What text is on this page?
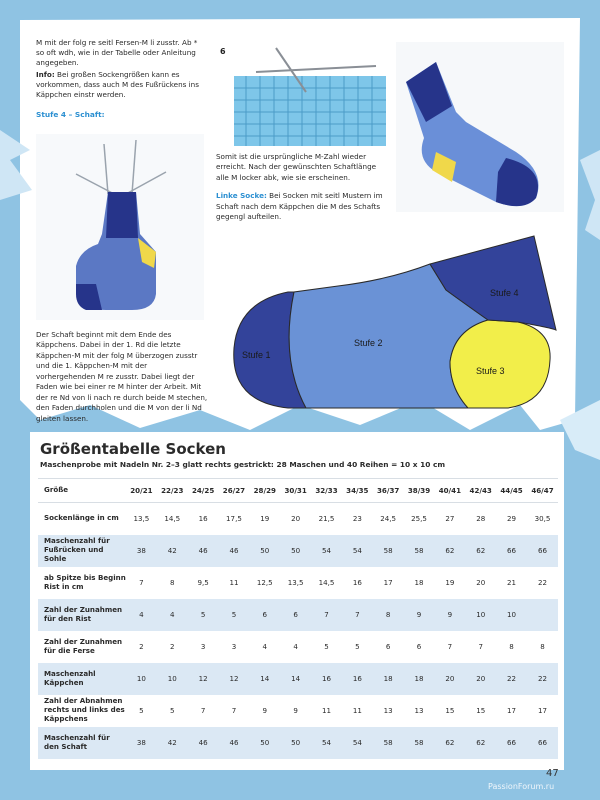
M mit der folg re seitl Fersen-M li zusstr. Ab * so oft wdh, wie in der Tabelle oder Anleitung angegeben.

Info: Bei großen Sockengrößen kann es vorkommen, dass auch M des Fußrückens ins Käppchen einstr werden.

Stufe 4 – Schaft:

6

Somit ist die ursprüngliche M-Zahl wieder erreicht. Nach der gewünschten Schaftlänge alle M locker abk, wie sie erscheinen.

Linke Socke: Bei Socken mit seitl Mustern im Schaft nach dem Käppchen die M des Schafts gegengl aufteilen.

Der Schaft beginnt mit dem Ende des Käppchens. Dabei in der 1. Rd die letzte Käppchen-M mit der folg M überzogen zusstr und die 1. Käppchen-M mit der vorhergehenden M re zusstr. Dabei liegt der Faden wie bei einer re M hinter der Arbeit. Mit der re Nd von li nach re durch beide M stechen, den Faden durchholen und die M von der li Nd gleiten lassen.

Stufe 1
Stufe 2
Stufe 3
Stufe 4
Größentabelle Socken
Maschenprobe mit Nadeln Nr. 2–3 glatt rechts gestrickt: 28 Maschen und 40 Reihen = 10 x 10 cm
Größe	20/21	22/23	24/25	26/27	28/29	30/31	32/33	34/35	36/37	38/39	40/41	42/43	44/45	46/47
Sockenlänge in cm	13,5	14,5	16	17,5	19	20	21,5	23	24,5	25,5	27	28	29	30,5
Maschenzahl für Fußrücken und Sohle	38	42	46	46	50	50	54	54	58	58	62	62	66	66
ab Spitze bis Beginn Rist in cm	7	8	9,5	11	12,5	13,5	14,5	16	17	18	19	20	21	22
Zahl der Zunahmen für den Rist	4	4	5	5	6	6	7	7	8	9	9	10	10	
Zahl der Zunahmen für die Ferse	2	2	3	3	4	4	5	5	6	6	7	7	8	8
Maschenzahl Käppchen	10	10	12	12	14	14	16	16	18	18	20	20	22	22
Zahl der Abnahmen rechts und links des Käppchens	5	5	7	7	9	9	11	11	13	13	15	15	17	17
Maschenzahl für den Schaft	38	42	46	46	50	50	54	54	58	58	62	62	66	66
47
PassionForum.ru
